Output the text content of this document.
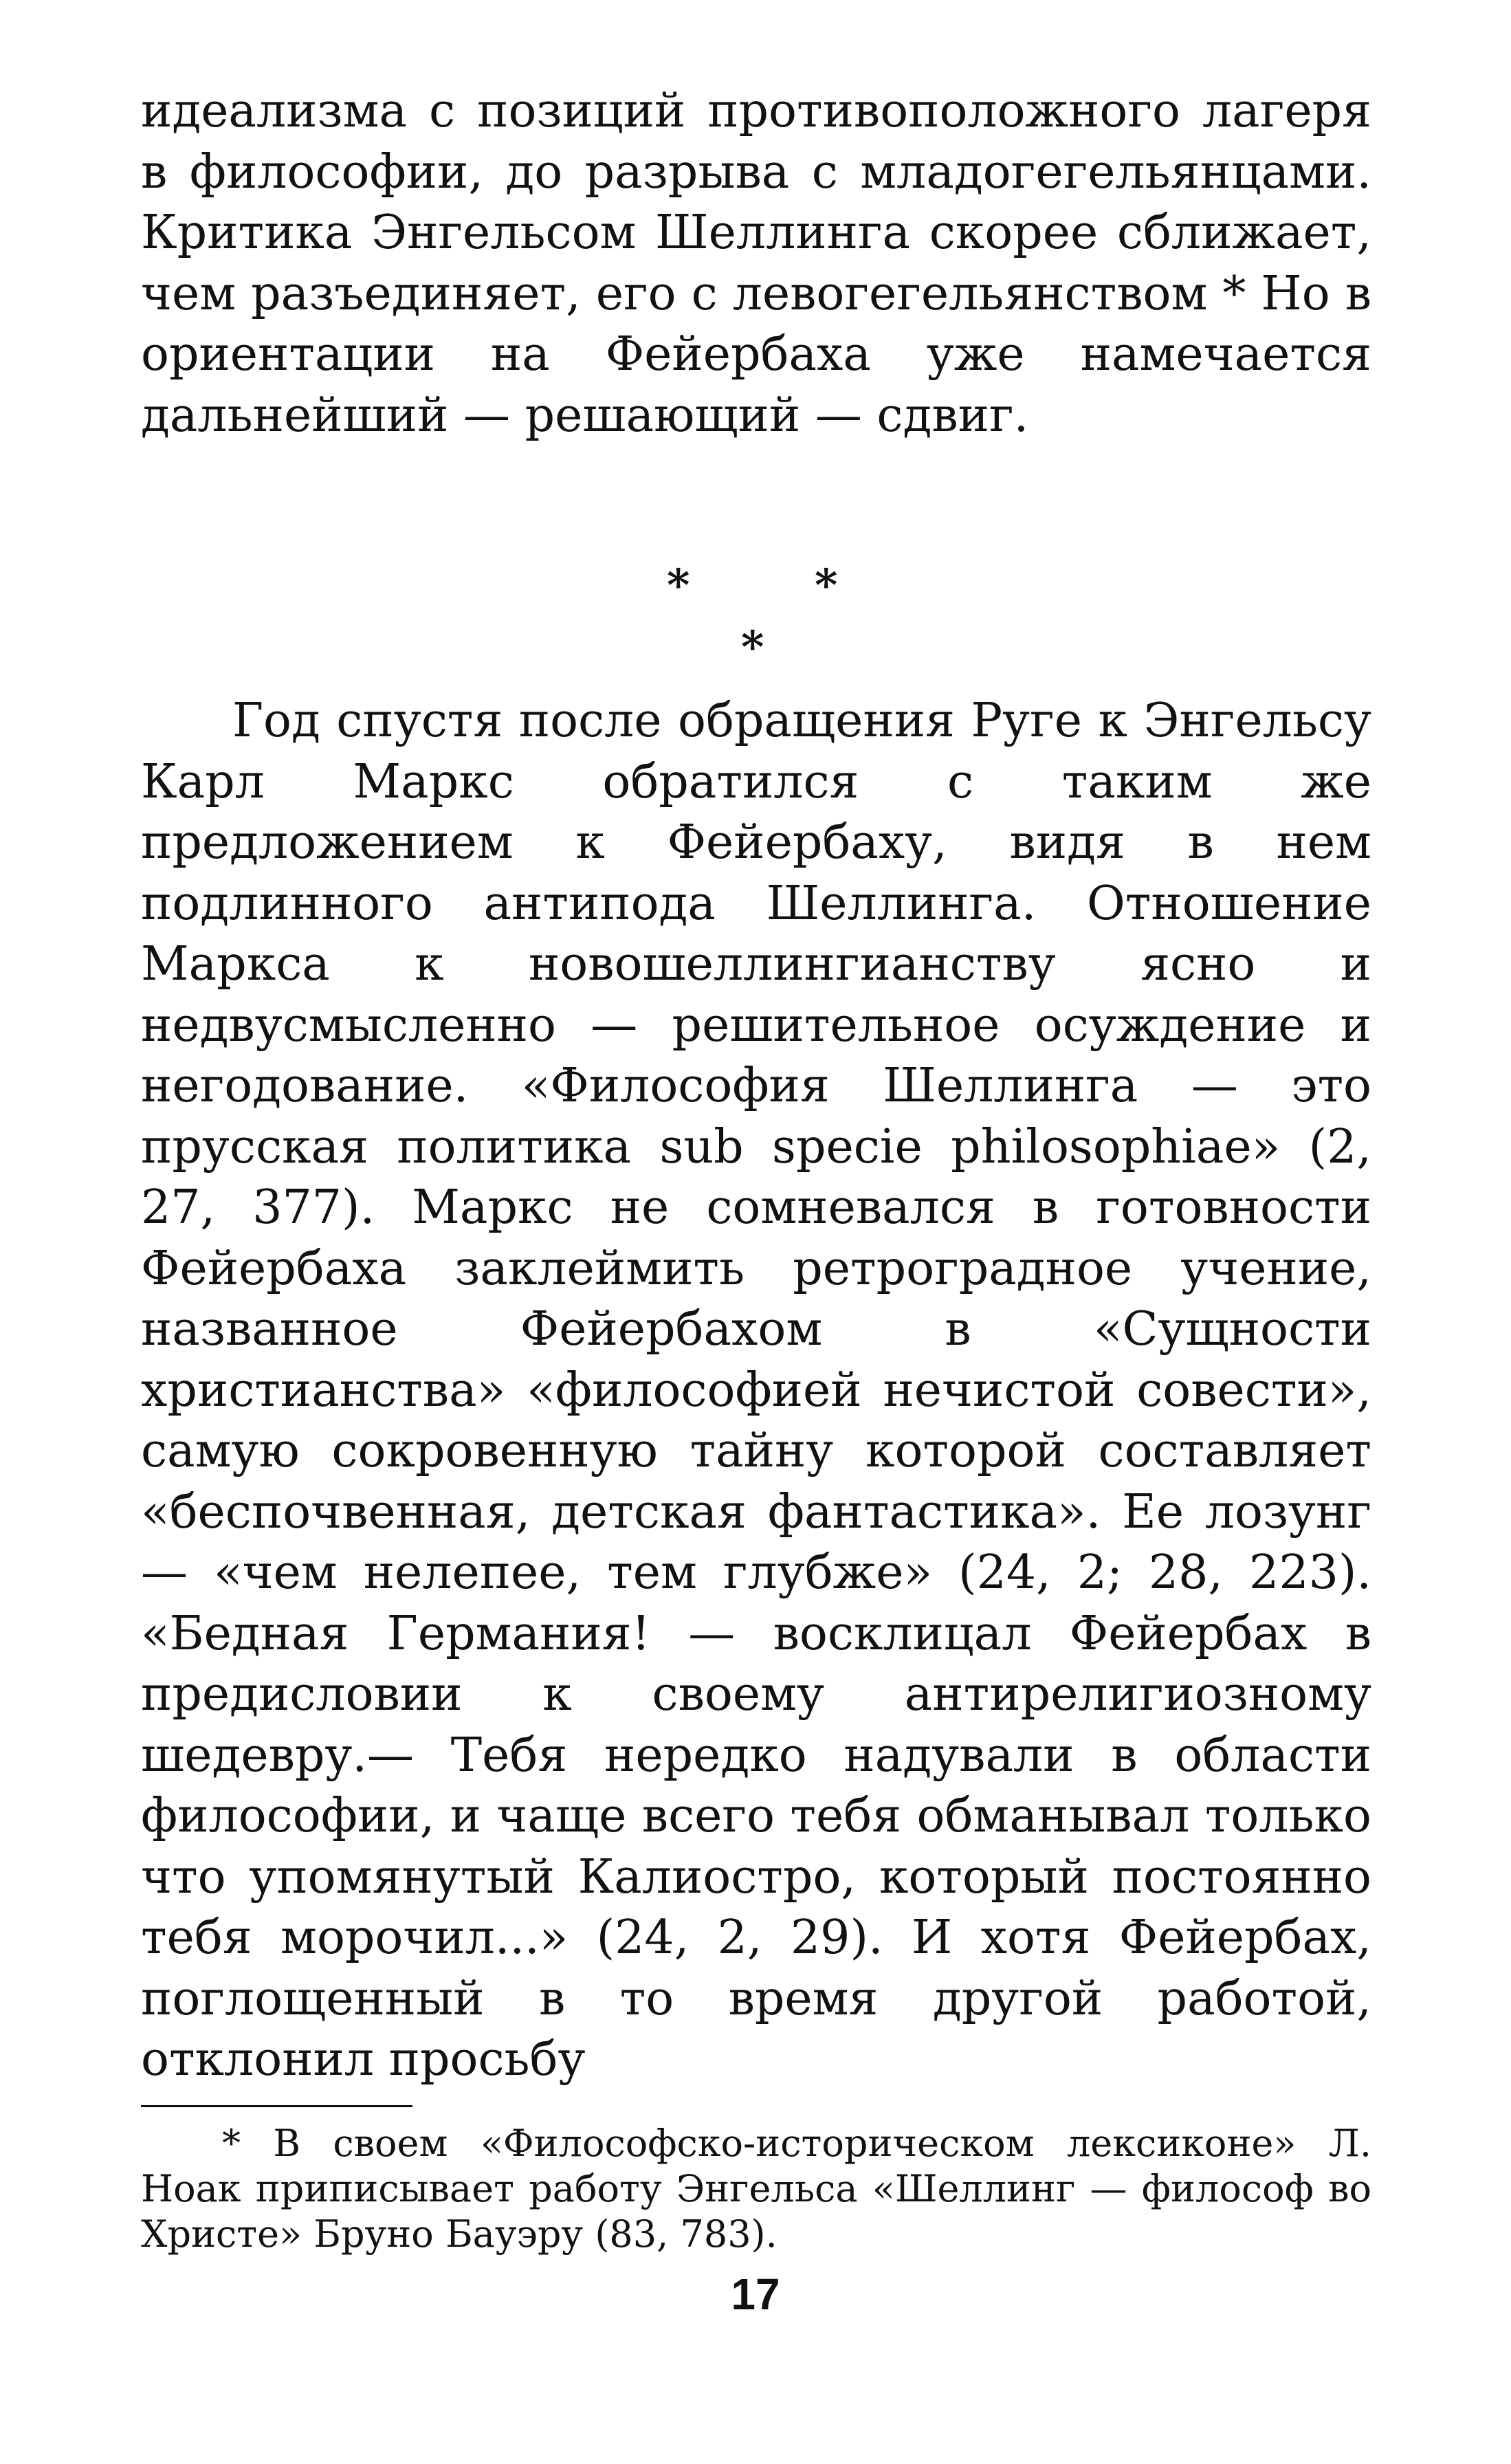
идеализма с позиций противоположного лагеря в философии, до разрыва с младогегельянцами. Критика Энгельсом Шеллинга скорее сближает, чем разъединяет, его с левогегельянством * Но в ориентации на Фейербаха уже намечается дальнейший — решающий — сдвиг.

*	*
*

Год спустя после обращения Руге к Энгельсу Карл Маркс обратился с таким же предложением к Фейербаху, видя в нем подлинного антипода Шеллинга. Отношение Маркса к новошеллингианству ясно и недвусмысленно — решительное осуждение и негодование. «Философия Шеллинга — это прусская политика sub specie philosophiae» (2, 27, 377). Маркс не сомневался в готовности Фейербаха заклеймить ретроградное учение, названное Фейербахом в «Сущности христианства» «философией нечистой совести», самую сокровенную тайну которой составляет «беспочвенная, детская фантастика». Ее лозунг — «чем нелепее, тем глубже» (24, 2; 28, 223). «Бедная Германия! — восклицал Фейербах в предисловии к своему антирелигиозному шедевру.— Тебя нередко надували в области философии, и чаще всего тебя обманывал только что упомянутый Калиостро, который постоянно тебя морочил...» (24, 2, 29). И хотя Фейербах, поглощенный в то время другой работой, отклонил просьбу

* В своем «Философско-историческом лексиконе» Л. Ноак приписывает работу Энгельса «Шеллинг — философ во Христе» Бруно Бауэру (83, 783).

17
